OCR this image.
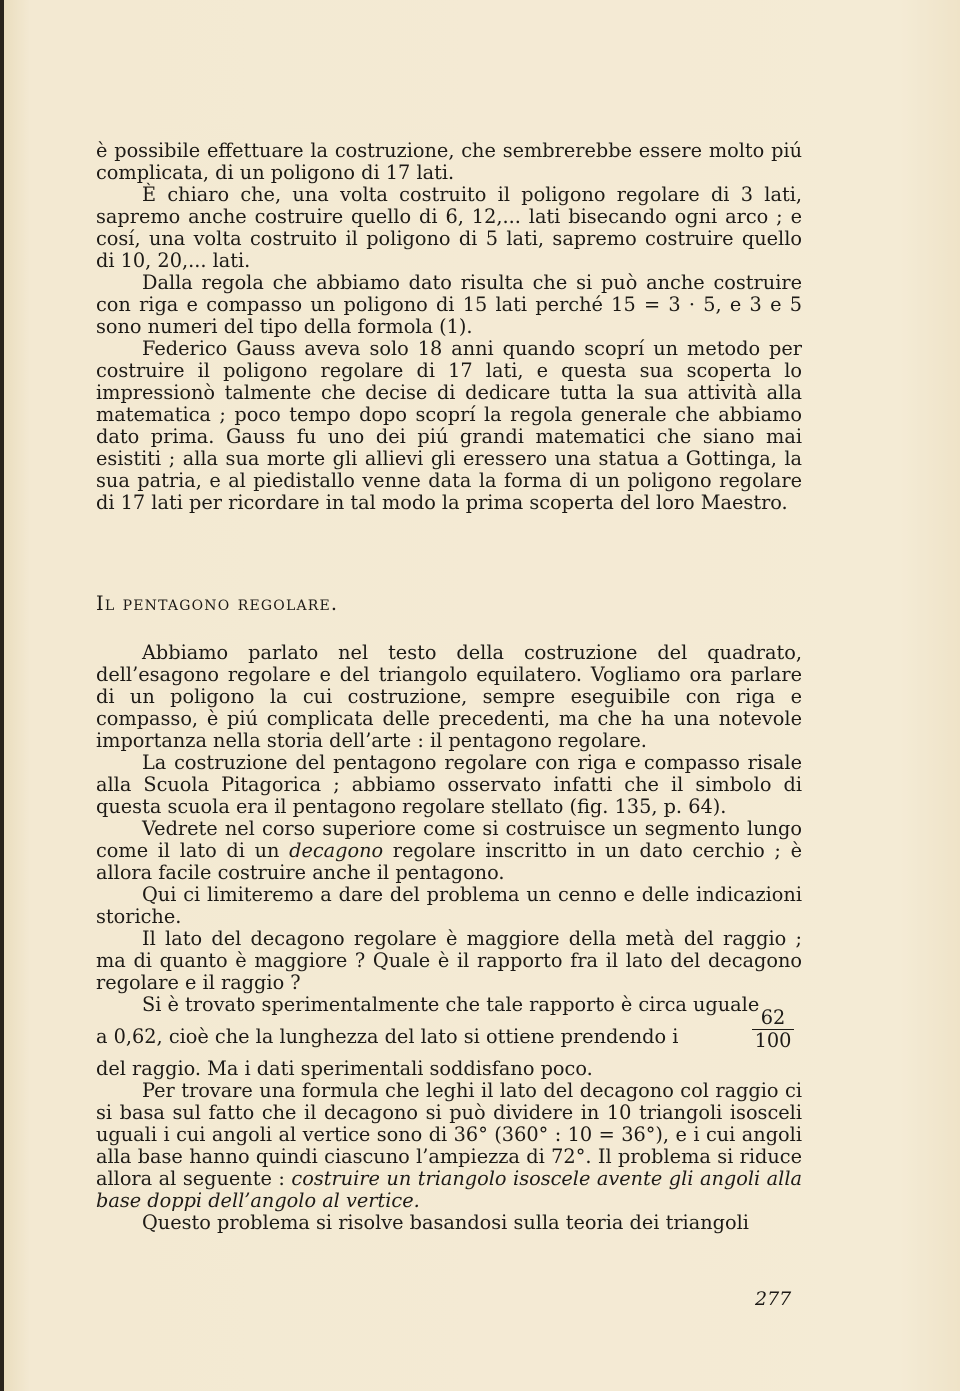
è possibile effettuare la costruzione, che sembrerebbe essere molto piú complicata, di un poligono di 17 lati.

È chiaro che, una volta costruito il poligono regolare di 3 lati, sapremo anche costruire quello di 6, 12,... lati bisecando ogni arco ; e cosí, una volta costruito il poligono di 5 lati, sapremo costruire quello di 10, 20,... lati.

Dalla regola che abbiamo dato risulta che si può anche costruire con riga e compasso un poligono di 15 lati perché 15 = 3 · 5, e 3 e 5 sono numeri del tipo della formola (1).

Federico Gauss aveva solo 18 anni quando scoprí un metodo per costruire il poligono regolare di 17 lati, e questa sua scoperta lo impressionò talmente che decise di dedicare tutta la sua attività alla matematica ; poco tempo dopo scoprí la regola generale che abbiamo dato prima. Gauss fu uno dei piú grandi matematici che siano mai esistiti ; alla sua morte gli allievi gli eressero una statua a Gottinga, la sua patria, e al piedistallo venne data la forma di un poligono regolare di 17 lati per ricordare in tal modo la prima scoperta del loro Maestro.

Il pentagono regolare.

Abbiamo parlato nel testo della costruzione del quadrato, dell’esagono regolare e del triangolo equilatero. Vogliamo ora parlare di un poligono la cui costruzione, sempre eseguibile con riga e compasso, è piú complicata delle precedenti, ma che ha una notevole importanza nella storia dell’arte : il pentagono regolare.

La costruzione del pentagono regolare con riga e compasso risale alla Scuola Pitagorica ; abbiamo osservato infatti che il simbolo di questa scuola era il pentagono regolare stellato (fig. 135, p. 64).

Vedrete nel corso superiore come si costruisce un segmento lungo come il lato di un decagono regolare inscritto in un dato cerchio ; è allora facile costruire anche il pentagono.

Qui ci limiteremo a dare del problema un cenno e delle indicazioni storiche.

Il lato del decagono regolare è maggiore della metà del raggio ; ma di quanto è maggiore ? Quale è il rapporto fra il lato del decagono regolare e il raggio ?

Si è trovato sperimentalmente che tale rapporto è circa uguale

a 0,62, cioè che la lunghezza del lato si ottiene prendendo i	$\frac{62}{100}$

del raggio. Ma i dati sperimentali soddisfano poco.

Per trovare una formula che leghi il lato del decagono col raggio ci si basa sul fatto che il decagono si può dividere in 10 triangoli isosceli uguali i cui angoli al vertice sono di 36° (360° : 10 = 36°), e i cui angoli alla base hanno quindi ciascuno l’ampiezza di 72°. Il problema si riduce allora al seguente : costruire un triangolo isoscele avente gli angoli alla base doppi dell’angolo al vertice.

Questo problema si risolve basandosi sulla teoria dei triangoli

277
